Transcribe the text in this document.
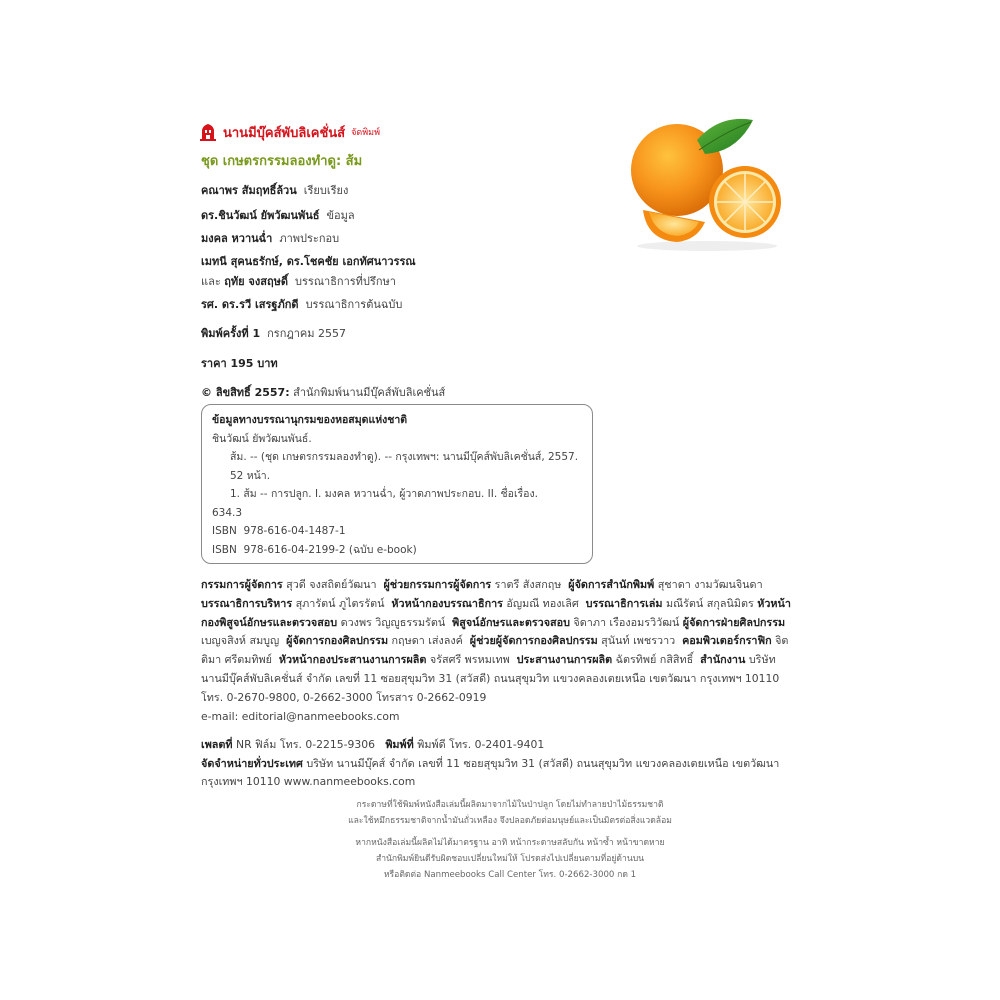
นานมีบุ๊คส์พับลิเคชั่นส์ จัดพิมพ์
ชุด เกษตรกรรมลองทำดู: ส้ม
คณาพร สัมฤทธิ์ล้วน เรียบเรียง
ดร.ชินวัฒน์ ยัพวัฒนพันธ์ ข้อมูล
มงคล หวานฉ่ำ ภาพประกอบ
เมทนี สุคนธรักษ์, ดร.โชคชัย เอกทัศนาวรรณ
และ ฤทัย จงสฤษดิ์ บรรณาธิการที่ปรึกษา
รศ. ดร.รวี เสรฐภักดี บรรณาธิการต้นฉบับ
พิมพ์ครั้งที่ 1 กรกฎาคม 2557
ราคา 195 บาท
© ลิขสิทธิ์ 2557: สำนักพิมพ์นานมีบุ๊คส์พับลิเคชั่นส์
ข้อมูลทางบรรณานุกรมของหอสมุดแห่งชาติ
ชินวัฒน์ ยัพวัฒนพันธ์.
ส้ม. -- (ชุด เกษตรกรรมลองทำดู). -- กรุงเทพฯ: นานมีบุ๊คส์พับลิเคชั่นส์, 2557.
52 หน้า.
1. ส้ม -- การปลูก. I. มงคล หวานฉ่ำ, ผู้วาดภาพประกอบ. II. ชื่อเรื่อง.
634.3
ISBN 978-616-04-1487-1
ISBN 978-616-04-2199-2 (ฉบับ e-book)
กรรมการผู้จัดการ สุวดี จงสถิตย์วัฒนา ผู้ช่วยกรรมการผู้จัดการ ราตรี สังสกฤษ ผู้จัดการสำนักพิมพ์ สุชาดา งามวัฒนจินดา บรรณาธิการบริหาร สุภารัตน์ ภูไตรรัตน์ หัวหน้ากองบรรณาธิการ อัญมณี ทองเลิศ บรรณาธิการเล่ม มณีรัตน์ สกุลนิมิตร หัวหน้ากองพิสูจน์อักษรและตรวจสอบ ดวงพร วิญญูธรรมรัตน์ พิสูจน์อักษรและตรวจสอบ จิดาภา เรืองอมรวิวัฒน์ ผู้จัดการฝ่ายศิลปกรรม เบญจสิงห์ สมบูญ ผู้จัดการกองศิลปกรรม กฤษดา เส่งลงค์ ผู้ช่วยผู้จัดการกองศิลปกรรม สุนันท์ เพชรวาว คอมพิวเตอร์กราฟิก จิตติมา ศรีตมทิพย์ หัวหน้ากองประสานงานการผลิต จรัสศรี พรหมเทพ ประสานงานการผลิต ฉัตรทิพย์ กสิสิทธิ์ สำนักงาน บริษัท นานมีบุ๊คส์พับลิเคชั่นส์ จำกัด เลขที่ 11 ซอยสุขุมวิท 31 (สวัสดี) ถนนสุขุมวิท แขวงคลองเตยเหนือ เขตวัฒนา กรุงเทพฯ 10110 โทร. 0-2670-9800, 0-2662-3000 โทรสาร 0-2662-0919
e-mail: editorial@nanmeebooks.com
เพลตที่ NR ฟิล์ม โทร. 0-2215-9306 พิมพ์ที่ พิมพ์ดี โทร. 0-2401-9401
จัดจำหน่ายทั่วประเทศ บริษัท นานมีบุ๊คส์ จำกัด เลขที่ 11 ซอยสุขุมวิท 31 (สวัสดี) ถนนสุขุมวิท แขวงคลองเตยเหนือ เขตวัฒนา กรุงเทพฯ 10110 www.nanmeebooks.com
กระดาษที่ใช้พิมพ์หนังสือเล่มนี้ผลิตมาจากไม้ในป่าปลูก โดยไม่ทำลายป่าไม้ธรรมชาติ
และใช้หมึกธรรมชาติจากน้ำมันถั่วเหลือง จึงปลอดภัยต่อมนุษย์และเป็นมิตรต่อสิ่งแวดล้อม
หากหนังสือเล่มนี้ผลิตไม่ได้มาตรฐาน อาทิ หน้ากระดาษสลับกัน หน้าซ้ำ หน้าขาดหาย
สำนักพิมพ์ยินดีรับผิดชอบเปลี่ยนใหม่ให้ โปรดส่งไปเปลี่ยนตามที่อยู่ด้านบน
หรือติดต่อ Nanmeebooks Call Center โทร. 0-2662-3000 กด 1
